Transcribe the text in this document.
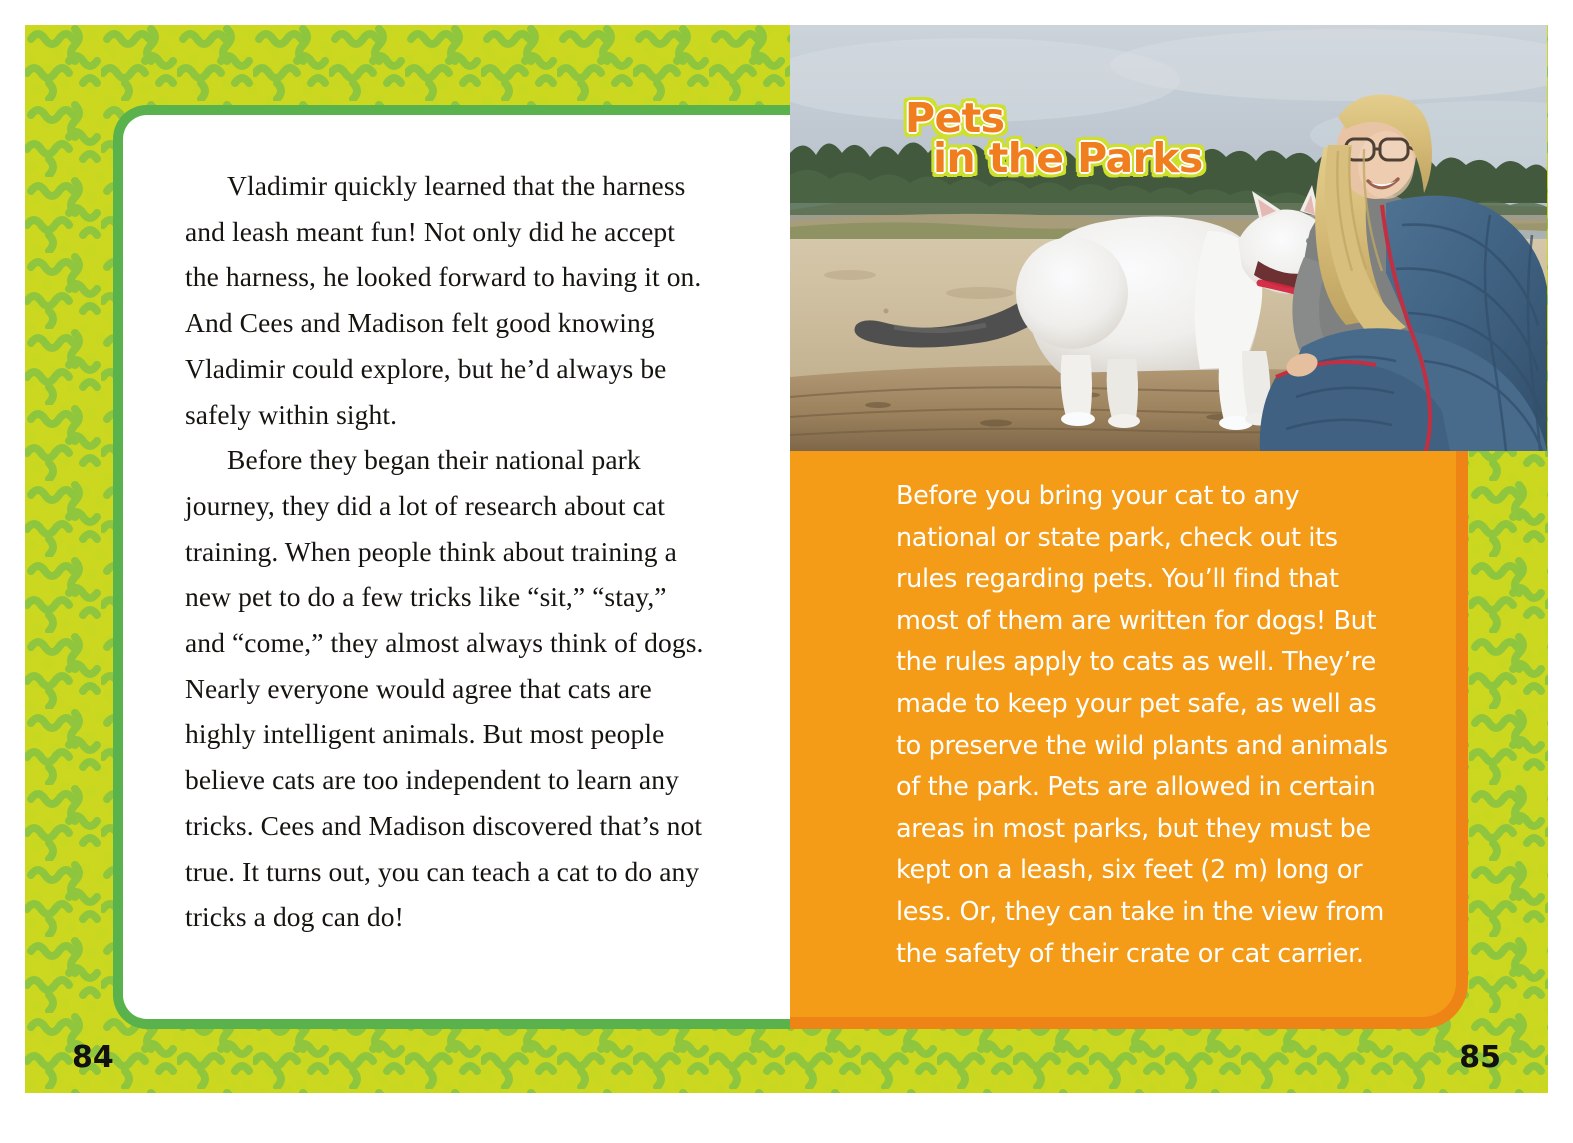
Vladimir quickly learned that the harness and leash meant fun! Not only did he accept the harness, he looked forward to having it on. And Cees and Madison felt good knowing Vladimir could explore, but he’d always be safely within sight.

Before they began their national park journey, they did a lot of research about cat training. When people think about training a new pet to do a few tricks like “sit,” “stay,” and “come,” they almost always think of dogs. Nearly everyone would agree that cats are highly intelligent animals. But most people believe cats are too independent to learn any tricks. Cees and Madison discovered that’s not true. It turns out, you can teach a cat to do any tricks a dog can do!

Pets
in the Parks

Before you bring your cat to any national or state park, check out its rules regarding pets. You’ll find that most of them are written for dogs! But the rules apply to cats as well. They’re made to keep your pet safe, as well as to preserve the wild plants and animals of the park. Pets are allowed in certain areas in most parks, but they must be kept on a leash, six feet (2 m) long or less. Or, they can take in the view from the safety of their crate or cat carrier.

84	85
